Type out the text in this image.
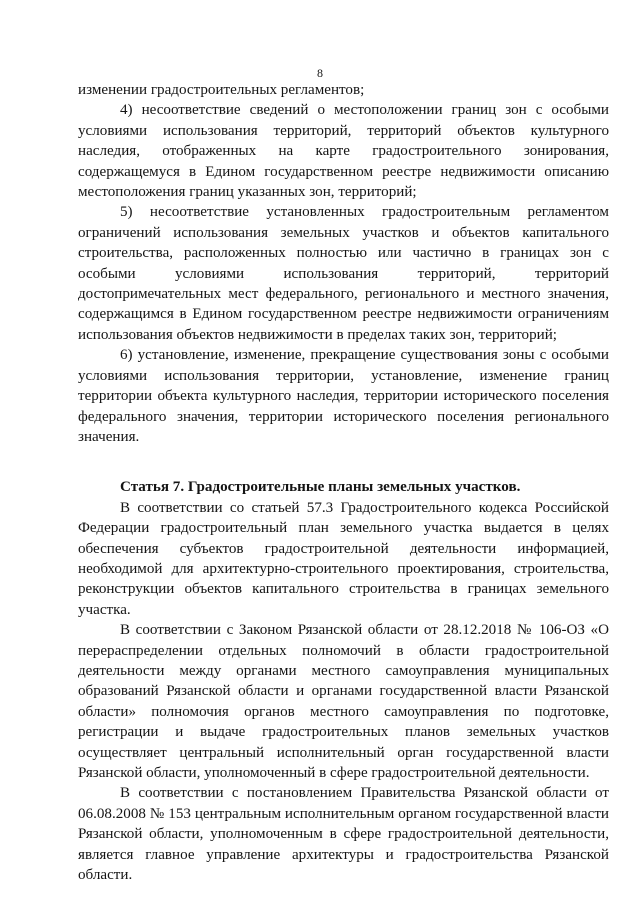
8

изменении градостроительных регламентов;

4) несоответствие сведений о местоположении границ зон с особыми условиями использования территорий, территорий объектов культурного наследия, отображенных на карте градостроительного зонирования, содержащемуся в Едином государственном реестре недвижимости описанию местоположения границ указанных зон, территорий;

5) несоответствие установленных градостроительным регламентом ограничений использования земельных участков и объектов капитального строительства, расположенных полностью или частично в границах зон с особыми условиями использования территорий, территорий достопримечательных мест федерального, регионального и местного значения, содержащимся в Едином государственном реестре недвижимости ограничениям использования объектов недвижимости в пределах таких зон, территорий;

6) установление, изменение, прекращение существования зоны с особыми условиями использования территории, установление, изменение границ территории объекта культурного наследия, территории исторического поселения федерального значения, территории исторического поселения регионального значения.

Статья 7. Градостроительные планы земельных участков.

В соответствии со статьей 57.3 Градостроительного кодекса Российской Федерации градостроительный план земельного участка выдается в целях обеспечения субъектов градостроительной деятельности информацией, необходимой для архитектурно-строительного проектирования, строительства, реконструкции объектов капитального строительства в границах земельного участка.

В соответствии с Законом Рязанской области от 28.12.2018 № 106-ОЗ «О перераспределении отдельных полномочий в области градостроительной деятельности между органами местного самоуправления муниципальных образований Рязанской области и органами государственной власти Рязанской области» полномочия органов местного самоуправления по подготовке, регистрации и выдаче градостроительных планов земельных участков осуществляет центральный исполнительный орган государственной власти Рязанской области, уполномоченный в сфере градостроительной деятельности.

В соответствии с постановлением Правительства Рязанской области от 06.08.2008 № 153 центральным исполнительным органом государственной власти Рязанской области, уполномоченным в сфере градостроительной деятельности, является главное управление архитектуры и градостроительства Рязанской области.
